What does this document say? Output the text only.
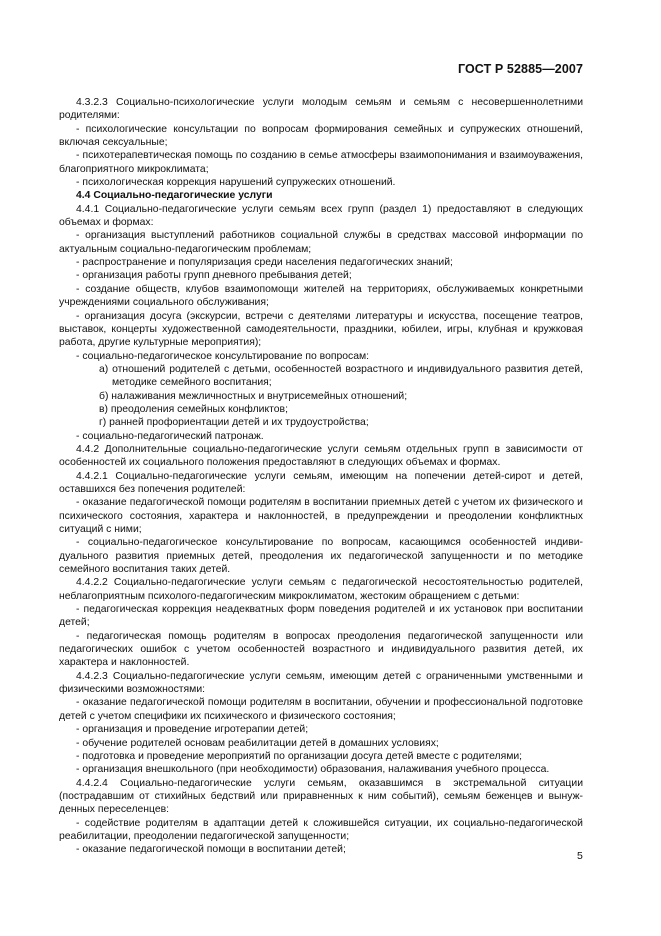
ГОСТ Р 52885—2007

4.3.2.3 Социально-психологические услуги молодым семьям и семьям с несовершеннолетними родителями:

- психологические консультации по вопросам формирования семейных и супружеских отношений, включая сексуальные;

- психотерапевтическая помощь по созданию в семье атмосферы взаимопонимания и взаимоуважения, благоприятного микроклимата;

- психологическая коррекция нарушений супружеских отношений.

4.4 Социально-педагогические услуги

4.4.1 Социально-педагогические услуги семьям всех групп (раздел 1) предоставляют в следующих объемах и формах:

- организация выступлений работников социальной службы в средствах массовой информации по актуальным социально-педагогическим проблемам;

- распространение и популяризация среди населения педагогических знаний;

- организация работы групп дневного пребывания детей;

- создание обществ, клубов взаимопомощи жителей на территориях, обслуживаемых конкретными учреждениями социального обслуживания;

- организация досуга (экскурсии, встречи с деятелями литературы и искусства, посещение театров, выставок, концерты художественной самодеятельности, праздники, юбилеи, игры, клубная и кружковая работа, другие культурные мероприятия);

- социально-педагогическое консультирование по вопросам:

а) отношений родителей с детьми, особенностей возрастного и индивидуального развития детей, методике семейного воспитания;

б) налаживания межличностных и внутрисемейных отношений;

в) преодоления семейных конфликтов;

г) ранней профориентации детей и их трудоустройства;

- социально-педагогический патронаж.

4.4.2 Дополнительные социально-педагогические услуги семьям отдельных групп в зависимости от особенностей их социального положения предоставляют в следующих объемах и формах.

4.4.2.1 Социально-педагогические услуги семьям, имеющим на попечении детей-сирот и детей, оставшихся без попечения родителей:

- оказание педагогической помощи родителям в воспитании приемных детей с учетом их физического и психического состояния, характера и наклонностей, в предупреждении и преодолении конфликтных ситуаций с ними;

- социально-педагогическое консультирование по вопросам, касающимся особенностей индивидуального развития приемных детей, преодоления их педагогической запущенности и по методике семейного воспитания таких детей.

4.4.2.2 Социально-педагогические услуги семьям с педагогической несостоятельностью родителей, неблагоприятным психолого-педагогическим микроклиматом, жестоким обращением с детьми:

- педагогическая коррекция неадекватных форм поведения родителей и их установок при воспитании детей;

- педагогическая помощь родителям в вопросах преодоления педагогической запущенности или педагогических ошибок с учетом особенностей возрастного и индивидуального развития детей, их характера и наклонностей.

4.4.2.3 Социально-педагогические услуги семьям, имеющим детей с ограниченными умственными и физическими возможностями:

- оказание педагогической помощи родителям в воспитании, обучении и профессиональной подготовке детей с учетом специфики их психического и физического состояния;

- организация и проведение игротерапии детей;

- обучение родителей основам реабилитации детей в домашних условиях;

- подготовка и проведение мероприятий по организации досуга детей вместе с родителями;

- организация внешкольного (при необходимости) образования, налаживания учебного процесса.

4.4.2.4 Социально-педагогические услуги семьям, оказавшимся в экстремальной ситуации (пострадавшим от стихийных бедствий или приравненных к ним событий), семьям беженцев и вынужденных переселенцев:

- содействие родителям в адаптации детей к сложившейся ситуации, их социально-педагогической реабилитации, преодолении педагогической запущенности;

- оказание педагогической помощи в воспитании детей;

5
